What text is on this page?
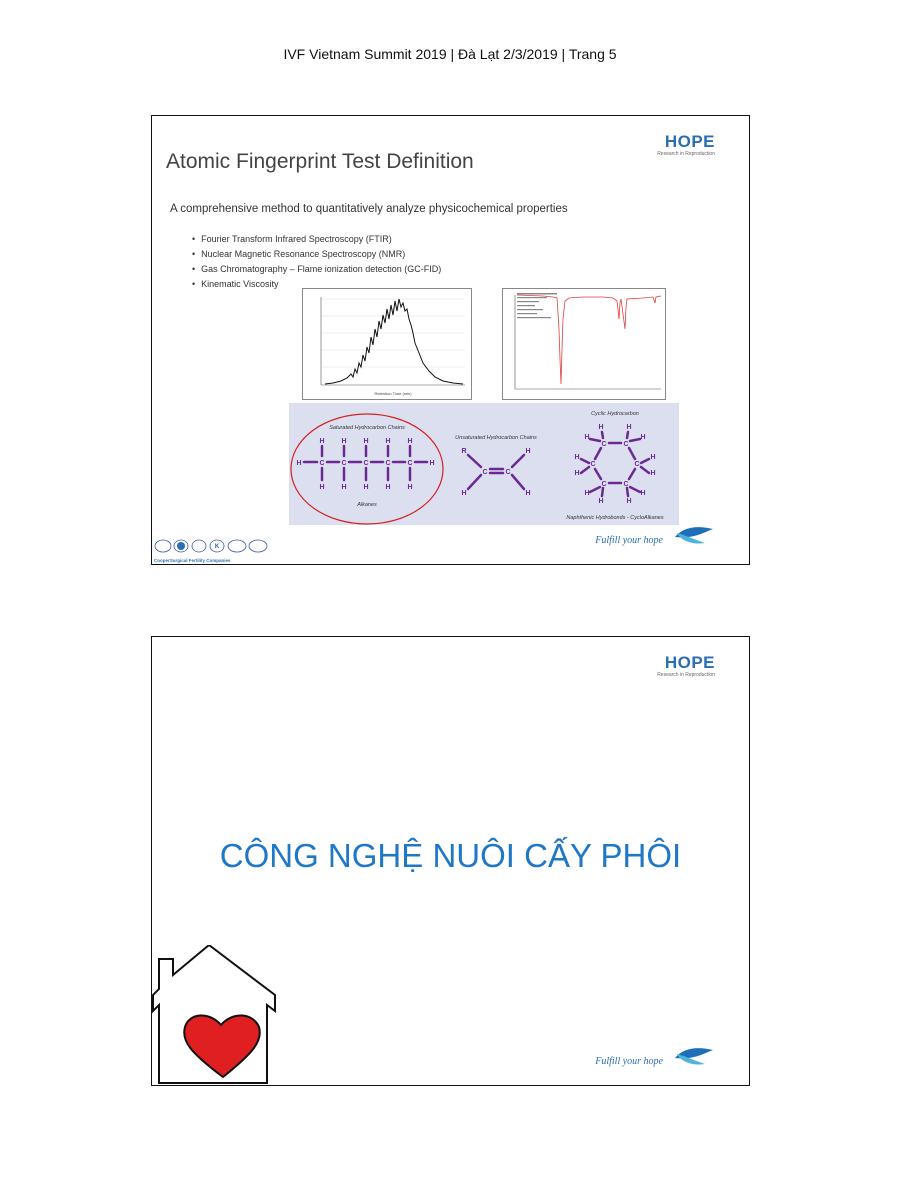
IVF Vietnam Summit 2019 | Đà Lạt 2/3/2019 | Trang 5
HOPE
Research in Reproduction
Atomic Fingerprint Test Definition
A comprehensive method to quantitatively analyze physicochemical properties
• Fourier Transform Infrared Spectroscopy (FTIR)
• Nuclear Magnetic Resonance Spectroscopy (NMR)
• Gas Chromatography – Flame ionization detection (GC-FID)
• Kinematic Viscosity
Retention Time (min)
H	C C C C C H
H H H H H
H H H H H
R	H
H	H
C	C
C C
C	C
C C
H	H
H	H
H	H
H	H
H	H
H	H
Saturated Hydrocarbon Chains
Alkanes
Unsaturated Hydrocarbon Chains
Cyclic Hydrocarbon
Naphthenic Hydrobonds - CycloAlkanes
K
CooperSurgical Fertility Companies
Fulfill your hope
HOPE
Research in Reproduction
CÔNG NGHỆ NUÔI CẤY PHÔI
Fulfill your hope
